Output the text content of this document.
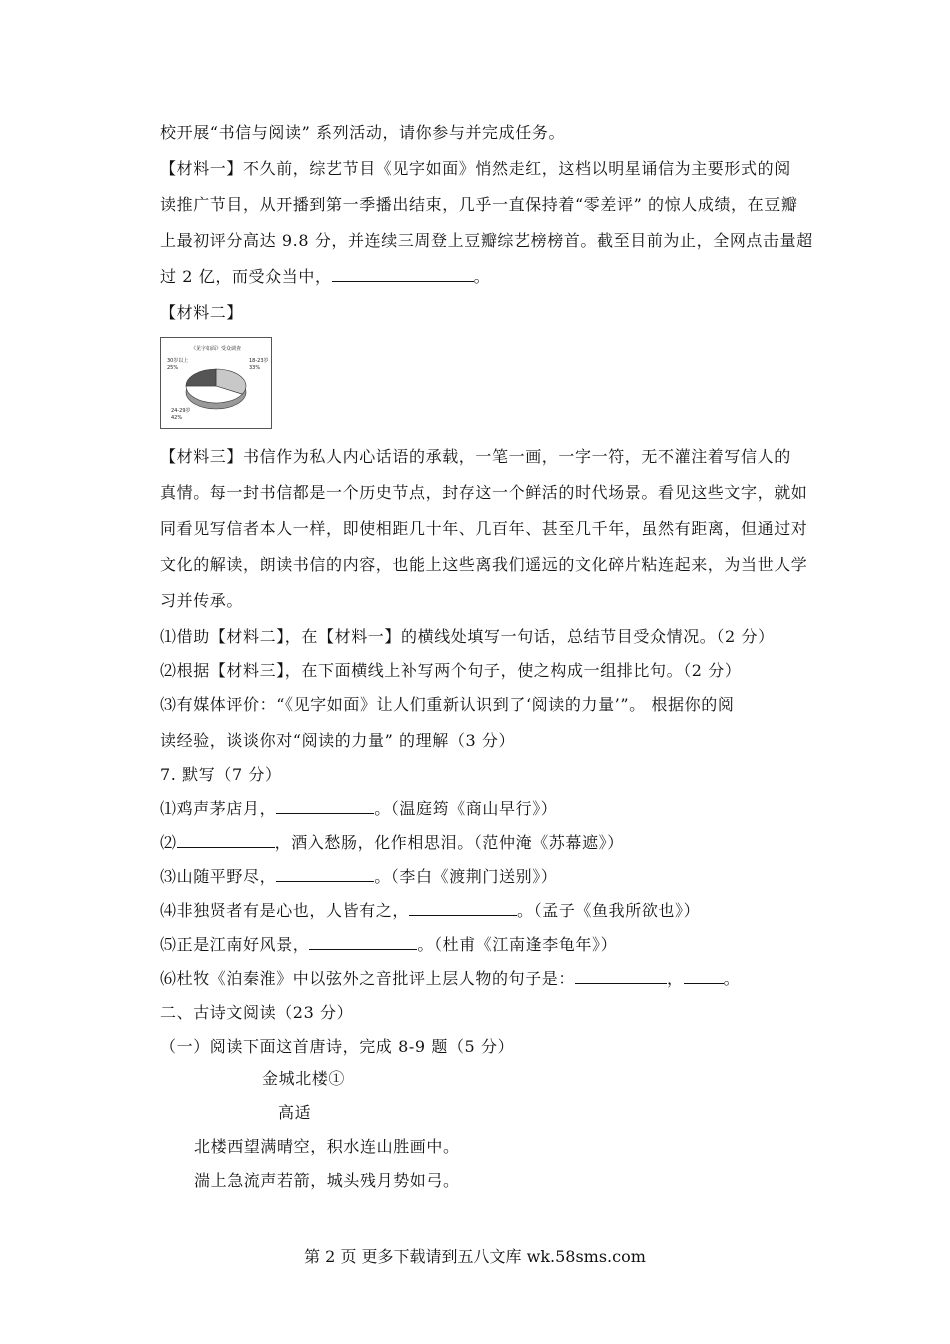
校开展“书信与阅读” 系列活动，请你参与并完成任务。
【材料一】不久前，综艺节目《见字如面》悄然走红，这档以明星诵信为主要形式的阅
读推广节目，从开播到第一季播出结束，几乎一直保持着“零差评” 的惊人成绩，在豆瓣
上最初评分高达 9.8 分，并连续三周登上豆瓣综艺榜榜首。截至目前为止，全网点击量超
过 2 亿，而受众当中，	。
【材料二】
《见字如面》受众调查
30岁以上
25%
18-23岁
33%
24-29岁
42%
【材料三】书信作为私人内心话语的承载，一笔一画，一字一符，无不灌注着写信人的
真情。每一封书信都是一个历史节点，封存这一个鲜活的时代场景。看见这些文字，就如
同看见写信者本人一样，即使相距几十年、几百年、甚至几千年，虽然有距离，但通过对
文化的解读，朗读书信的内容，也能上这些离我们遥远的文化碎片粘连起来，为当世人学
习并传承。
⑴借助【材料二】，在【材料一】的横线处填写一句话，总结节目受众情况。（2 分）
⑵根据【材料三】，在下面横线上补写两个句子，使之构成一组排比句。（2 分）
⑶有媒体评价：“《见字如面》让人们重新认识到了‘阅读的力量’”。 根据你的阅
读经验，谈谈你对“阅读的力量” 的理解（3 分）
7. 默写（7 分）
⑴鸡声茅店月，	。（温庭筠《商山早行》）
⑵	，酒入愁肠，化作相思泪。（范仲淹《苏幕遮》）
⑶山随平野尽，	。（李白《渡荆门送别》）
⑷非独贤者有是心也，人皆有之，	。（孟子《鱼我所欲也》）
⑸正是江南好风景，	。（杜甫《江南逢李龟年》）
⑹杜牧《泊秦淮》中以弦外之音批评上层人物的句子是：	，	。
二、古诗文阅读（23 分）
（一）阅读下面这首唐诗，完成 8-9 题（5 分）
金城北楼①
高适
北楼西望满晴空，积水连山胜画中。
湍上急流声若箭，城头残月势如弓。
第 2 页 更多下载请到五八文库 wk.58sms.com
